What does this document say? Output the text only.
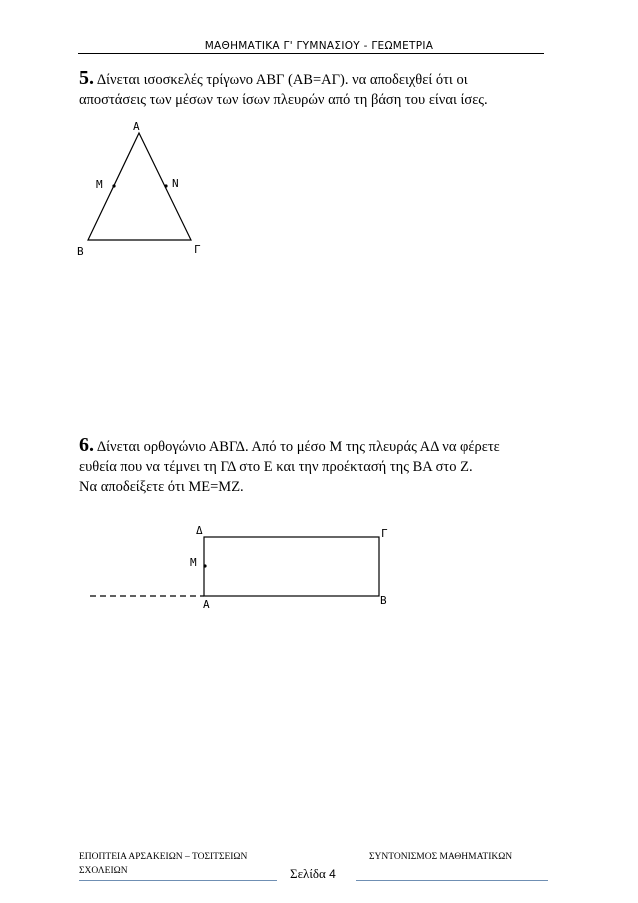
ΜΑΘΗΜΑΤΙΚΑ Γ' ΓΥΜΝΑΣΙΟΥ - ΓΕΩΜΕΤΡΙΑ
5. Δίνεται ισοσκελές τρίγωνο ΑΒΓ (ΑΒ=ΑΓ). να αποδειχθεί ότι οι
αποστάσεις των μέσων των ίσων πλευρών από τη βάση του είναι ίσες.
Α
Μ	Ν
Β	Γ
6. Δίνεται ορθογώνιο ΑΒΓΔ. Από το μέσο Μ της πλευράς ΑΔ να φέρετε
ευθεία που να τέμνει τη ΓΔ στο Ε και την προέκτασή της ΒΑ στο Ζ.
Να αποδείξετε ότι ΜΕ=ΜΖ.
Δ	Γ
Μ
Α	Β
ΕΠΟΠΤΕΙΑ ΑΡΣΑΚΕΙΩΝ – ΤΟΣΙΤΣΕΙΩΝ
ΣΧΟΛΕΙΩΝ
ΣΥΝΤΟΝΙΣΜΟΣ ΜΑΘΗΜΑΤΙΚΩΝ
Σελίδα 4
